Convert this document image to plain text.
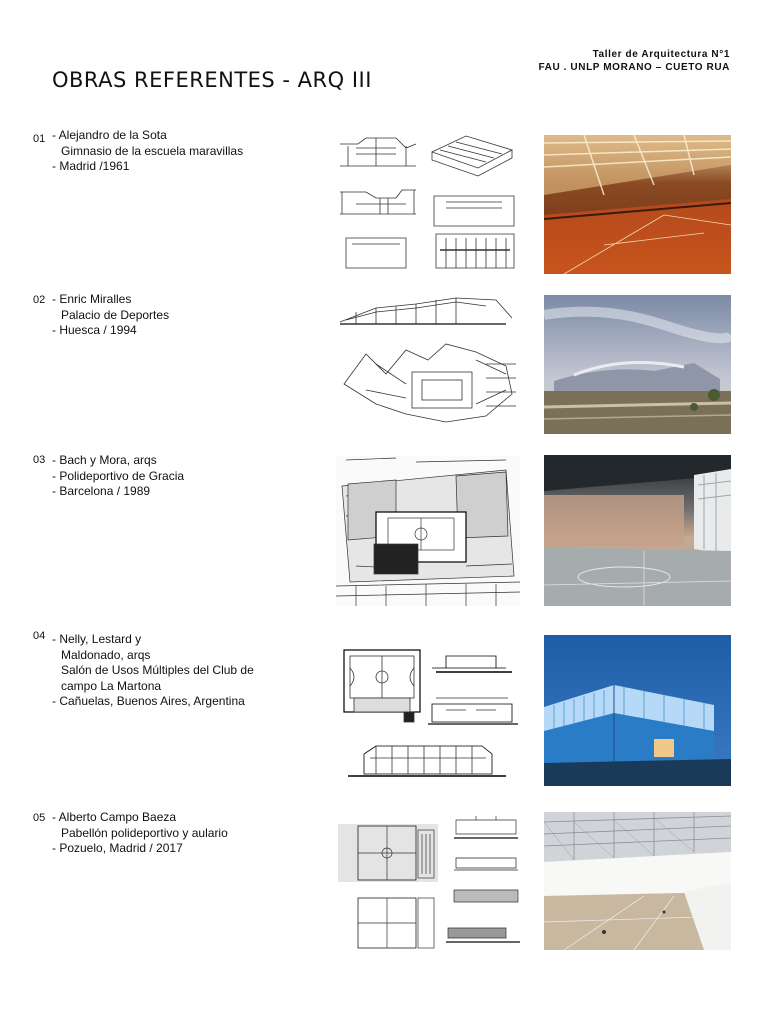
Taller de Arquitectura N°1
FAU . UNLP MORANO – CUETO RUA
OBRAS REFERENTES - ARQ III
01 - Alejandro de la Sota
Gimnasio de la escuela maravillas
- Madrid /1961
02 - Enric Miralles
Palacio de Deportes
- Huesca / 1994
03 - Bach y Mora, arqs
- Polideportivo de Gracia
- Barcelona / 1989
04 - Nelly, Lestard y
Maldonado, arqs
Salón de Usos Múltiples del Club de
campo La Martona
- Cañuelas, Buenos Aires, Argentina
05 - Alberto Campo Baeza
Pabellón polideportivo y aulario
- Pozuelo, Madrid / 2017
